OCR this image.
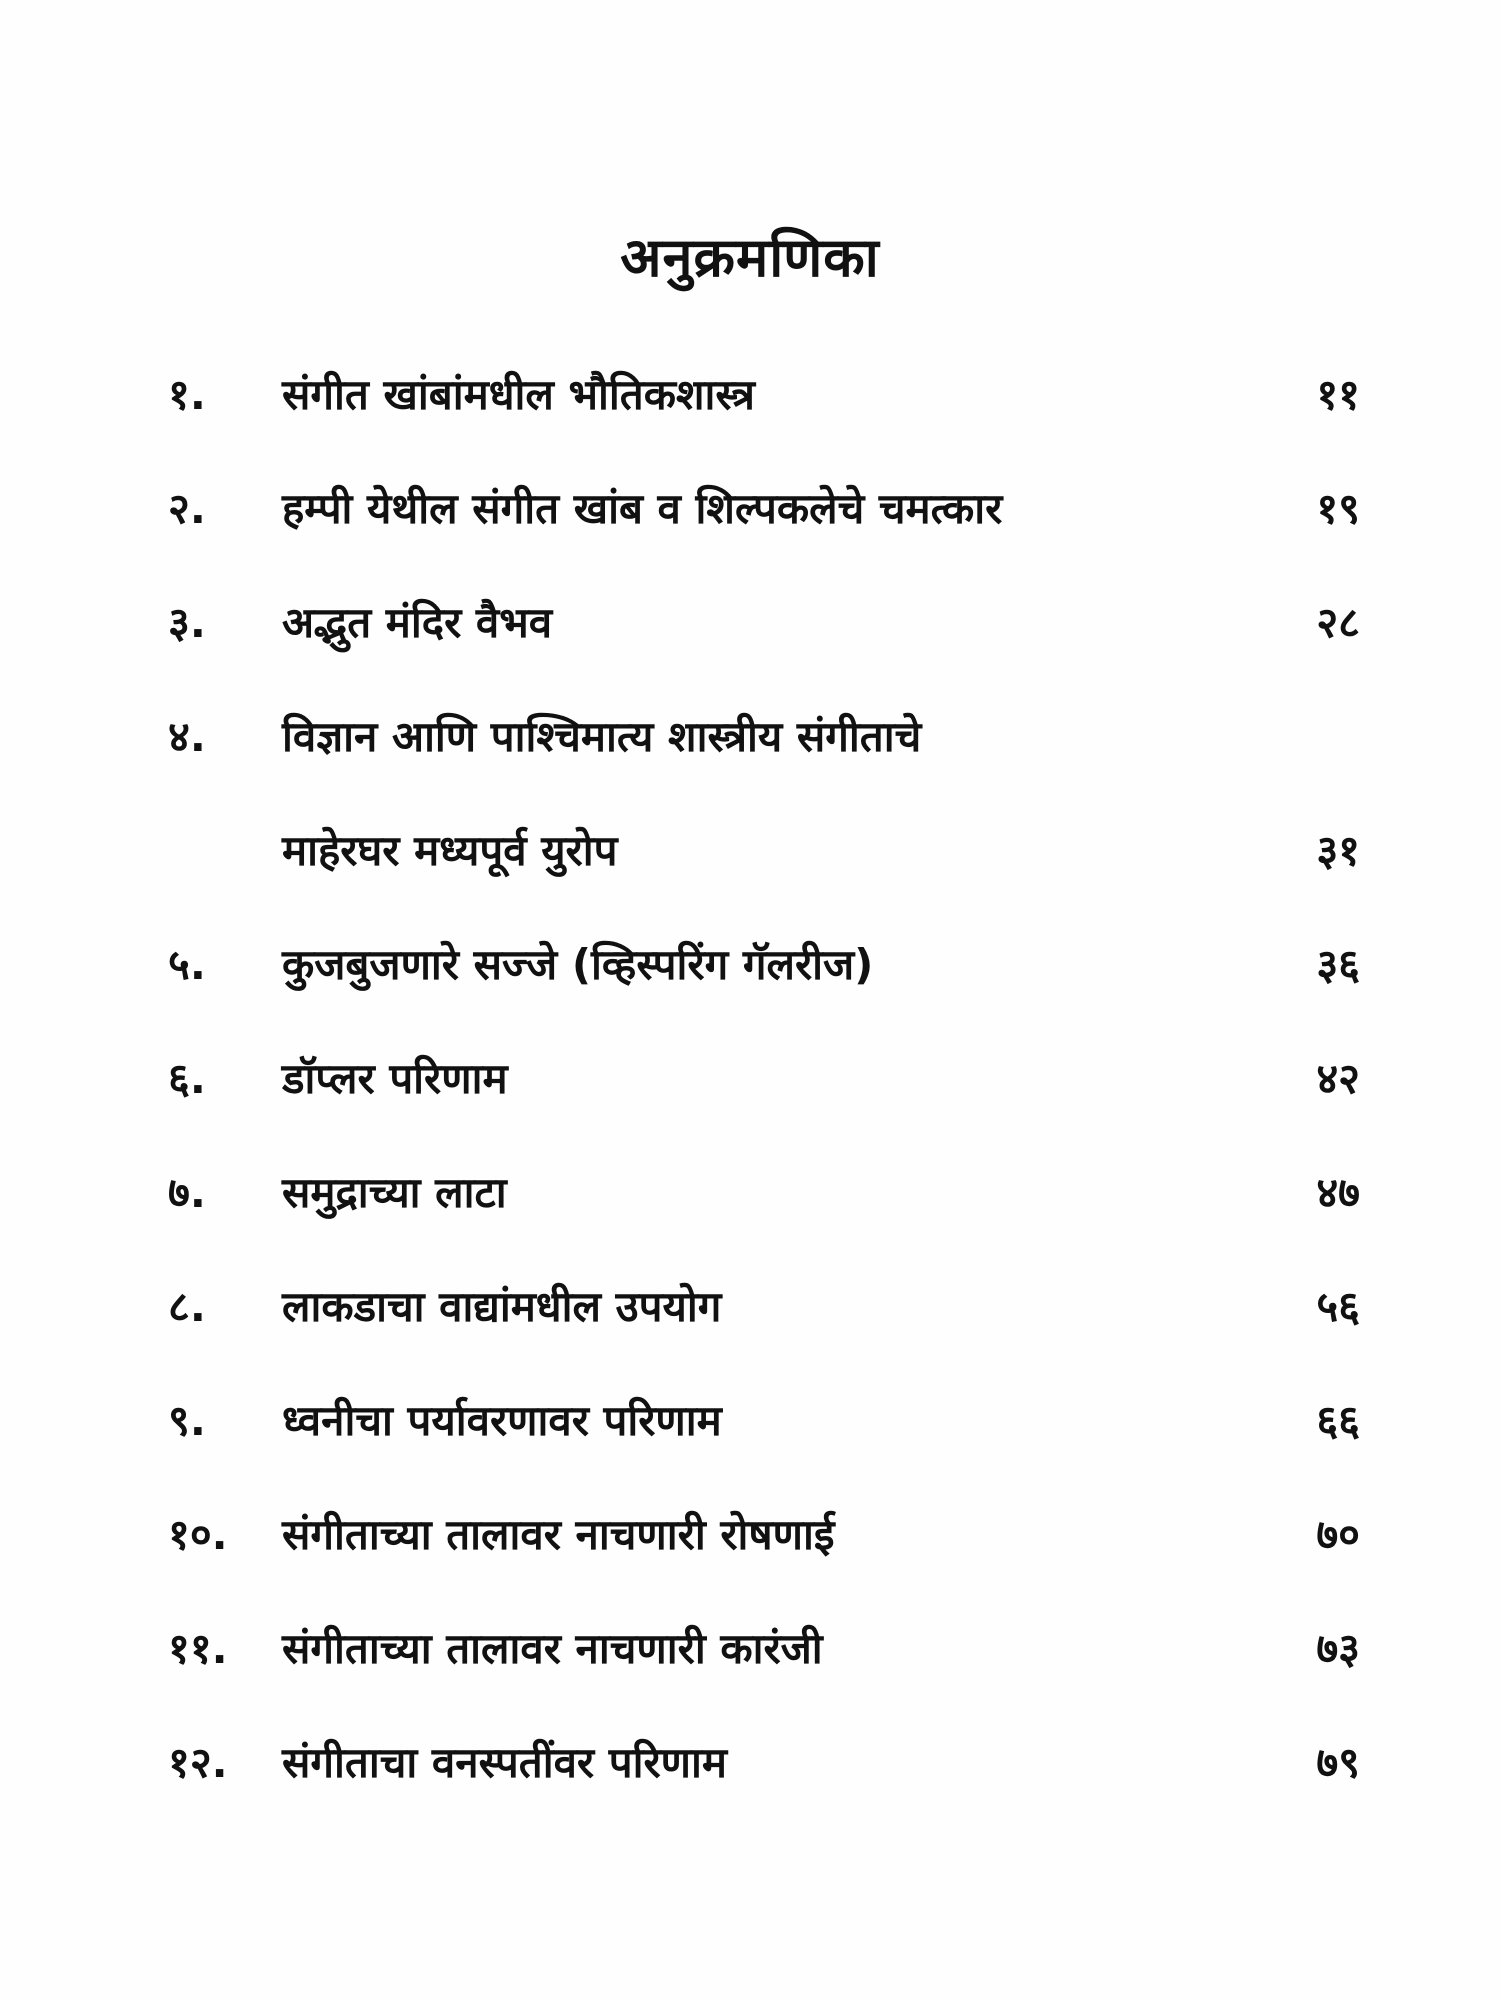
अनुक्रमणिका
१. संगीत खांबांमधील भौतिकशास्त्र	११
२. हम्पी येथील संगीत खांब व शिल्पकलेचे चमत्कार	१९
३. अद्भुत मंदिर वैभव	२८
४. विज्ञान आणि पाश्चिमात्य शास्त्रीय संगीताचे
माहेरघर मध्यपूर्व युरोप	३१
५. कुजबुजणारे सज्जे (व्हिस्परिंग गॅलरीज)	३६
६. डॉप्लर परिणाम	४२
७. समुद्राच्या लाटा	४७
८. लाकडाचा वाद्यांमधील उपयोग	५६
९. ध्वनीचा पर्यावरणावर परिणाम	६६
१०. संगीताच्या तालावर नाचणारी रोषणाई	७०
११. संगीताच्या तालावर नाचणारी कारंजी	७३
१२. संगीताचा वनस्पतींवर परिणाम	७९
